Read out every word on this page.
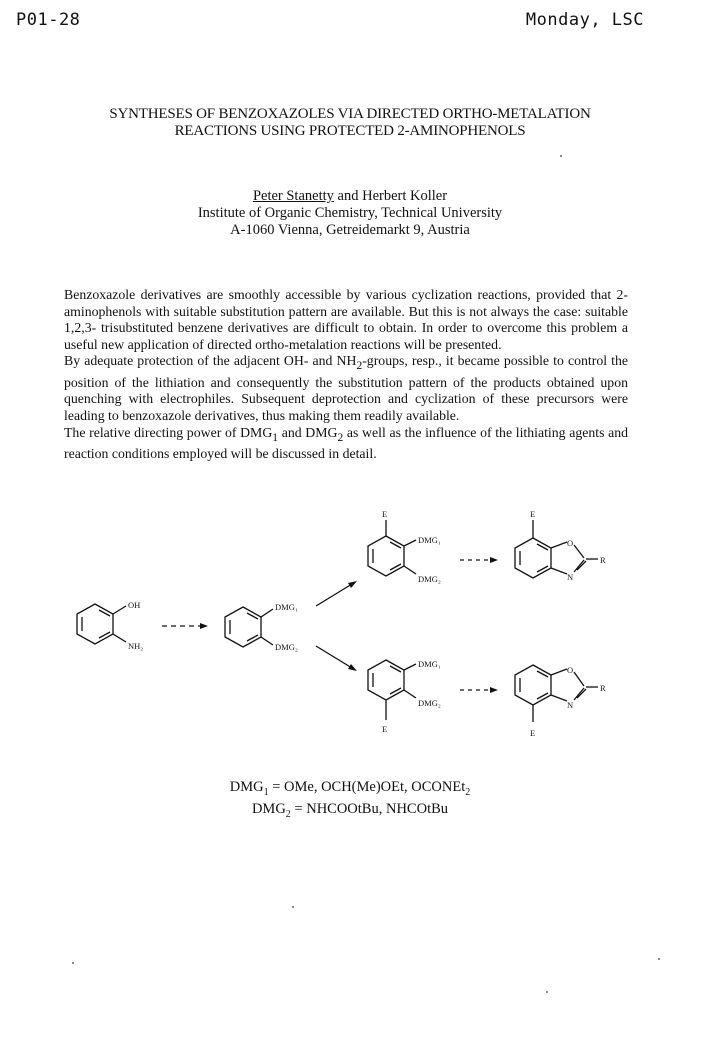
P01-28	Monday, LSC
SYNTHESES OF BENZOXAZOLES VIA DIRECTED ORTHO-METALATION
REACTIONS USING PROTECTED 2-AMINOPHENOLS
Peter Stanetty and Herbert Koller
Institute of Organic Chemistry, Technical University
A-1060 Vienna, Getreidemarkt 9, Austria

Benzoxazole derivatives are smoothly accessible by various cyclization reactions, provided that 2-aminophenols with suitable substitution pattern are available. But this is not always the case: suitable 1,2,3- trisubstituted benzene derivatives are difficult to obtain. In order to overcome this problem a useful new application of directed ortho-metalation reactions will be presented.

By adequate protection of the adjacent OH- and $NH_2$-groups, resp., it became possible to control the position of the lithiation and consequently the substitution pattern of the products obtained upon quenching with electrophiles. Subsequent deprotection and cyclization of these precursors were leading to benzoxazole derivatives, thus making them readily available.

The relative directing power of $DMG_1$ and $DMG_2$ as well as the influence of the lithiating agents and reaction conditions employed will be discussed in detail.

OH
NH₂
DMG₁
DMG₂
E
DMG₁
DMG₂
E
O
N
R
DMG₁
DMG₂
E
O
N
R
E
$DMG_1$ = OMe, OCH(Me)OEt, OCONEt$_2$
$DMG_2$ = NHCOOtBu, NHCOtBu
